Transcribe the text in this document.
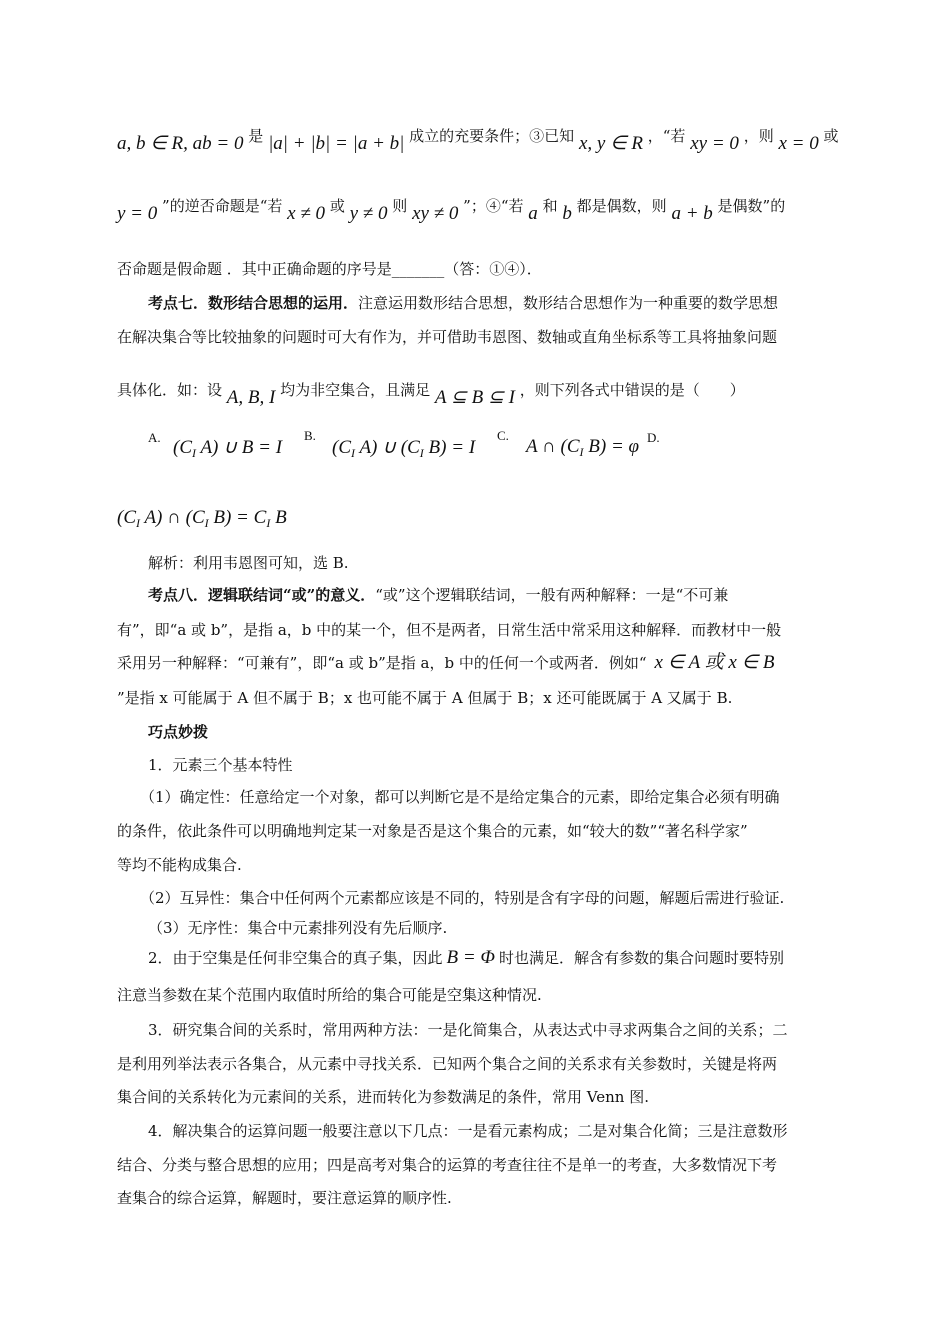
a, b ∈ R, ab = 0 是 |a| + |b| = |a + b| 成立的充要条件；③已知 x, y ∈ R ，“若 xy = 0 ，则 x = 0 或
y = 0 ”的逆否命题是“若 x ≠ 0 或 y ≠ 0 则 xy ≠ 0 ”；④“若 a 和 b 都是偶数，则 a + b 是偶数”的
否命题是假命题 ．其中正确命题的序号是_______（答：①④）．
考点七．数形结合思想的运用．注意运用数形结合思想，数形结合思想作为一种重要的数学思想
在解决集合等比较抽象的问题时可大有作为，并可借助韦恩图、数轴或直角坐标系等工具将抽象问题
具体化．如：设 A, B, I 均为非空集合，且满足 A ⊆ B ⊆ I ，则下列各式中错误的是（　　）
A. ($C_I$ A) ∪ B = I
B.
($C_I$ A) ∪ ($C_I$ B) = I
C.
A ∩ ($C_I$ B) = φ D.
($C_I$ A) ∩ ($C_I$ $B) = C_I$ B
解析：利用韦恩图可知，选 B.
考点八．逻辑联结词“或”的意义．“或”这个逻辑联结词，一般有两种解释：一是“不可兼
有”，即“a 或 b”，是指 a，b 中的某一个，但不是两者，日常生活中常采用这种解释．而教材中一般
采用另一种解释：“可兼有”，即“a 或 b”是指 a，b 中的任何一个或两者．例如“ x ∈ A 或 x ∈ B
”是指 x 可能属于 A 但不属于 B；x 也可能不属于 A 但属于 B；x 还可能既属于 A 又属于 B.
巧点妙拨
1．元素三个基本特性
（1）确定性：任意给定一个对象，都可以判断它是不是给定集合的元素，即给定集合必须有明确
的条件，依此条件可以明确地判定某一对象是否是这个集合的元素，如“较大的数”“著名科学家”
等均不能构成集合.
（2）互异性：集合中任何两个元素都应该是不同的，特别是含有字母的问题，解题后需进行验证.
（3）无序性：集合中元素排列没有先后顺序.
2．由于空集是任何非空集合的真子集，因此 B = Φ 时也满足．解含有参数的集合问题时要特别
注意当参数在某个范围内取值时所给的集合可能是空集这种情况.
3．研究集合间的关系时，常用两种方法：一是化简集合，从表达式中寻求两集合之间的关系；二
是利用列举法表示各集合，从元素中寻找关系．已知两个集合之间的关系求有关参数时，关键是将两
集合间的关系转化为元素间的关系，进而转化为参数满足的条件，常用 Venn 图.
4．解决集合的运算问题一般要注意以下几点：一是看元素构成；二是对集合化简；三是注意数形
结合、分类与整合思想的应用；四是高考对集合的运算的考查往往不是单一的考查，大多数情况下考
查集合的综合运算，解题时，要注意运算的顺序性.
